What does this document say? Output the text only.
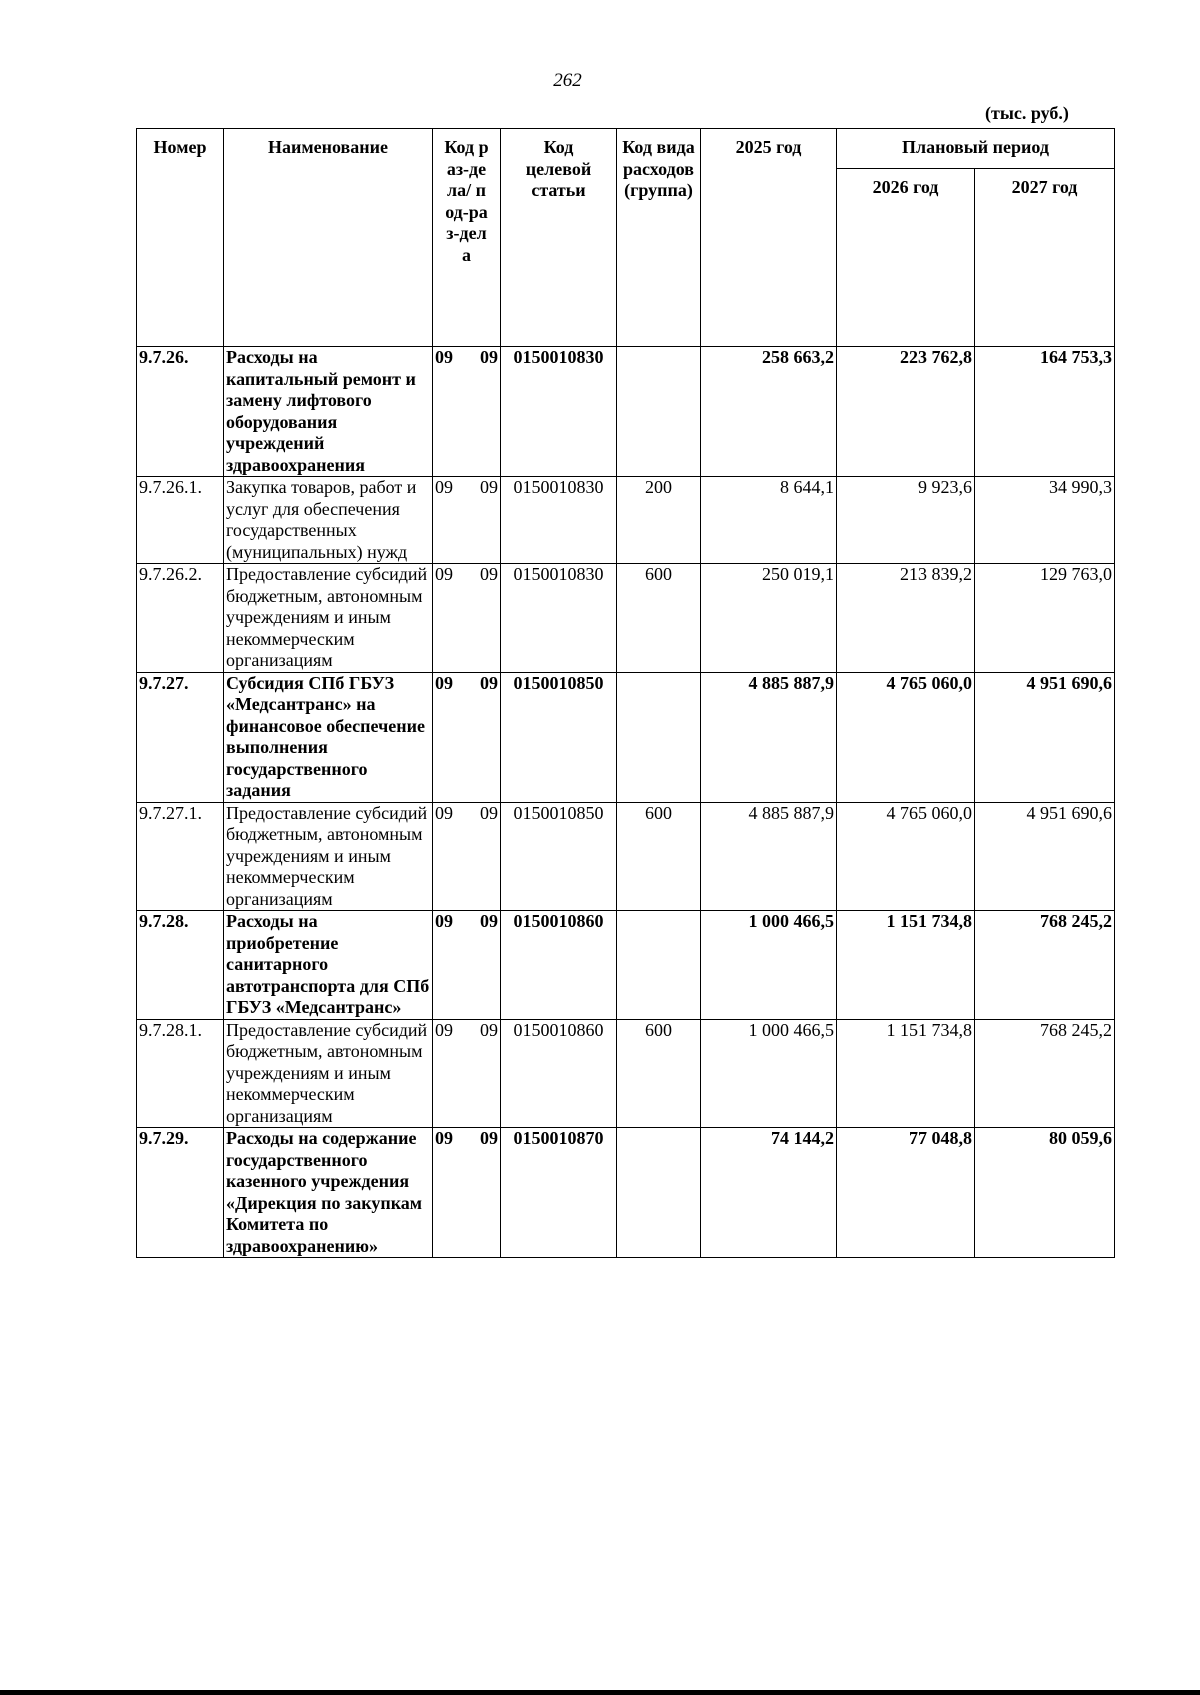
262
(тыс. руб.)
Номер	Наименование	Код раз-дела/ под-раз-дела	Код целевой статьи	Код вида расходов (группа)	2025 год	Плановый период	
						2026 год	2027 год
9.7.26.	Расходы на капитальный ремонт и замену лифтового оборудования учреждений здравоохранения	09 09	0150010830		258 663,2	223 762,8	164 753,3
9.7.26.1.	Закупка товаров, работ и услуг для обеспечения государственных (муниципальных) нужд	09 09	0150010830	200	8 644,1	9 923,6	34 990,3
9.7.26.2.	Предоставление субсидий бюджетным, автономным учреждениям и иным некоммерческим организациям	09 09	0150010830	600	250 019,1	213 839,2	129 763,0
9.7.27.	Субсидия СПб ГБУЗ «Медсантранс» на финансовое обеспечение выполнения государственного задания	09 09	0150010850		4 885 887,9	4 765 060,0	4 951 690,6
9.7.27.1.	Предоставление субсидий бюджетным, автономным учреждениям и иным некоммерческим организациям	09 09	0150010850	600	4 885 887,9	4 765 060,0	4 951 690,6
9.7.28.	Расходы на приобретение санитарного автотранспорта для СПб ГБУЗ «Медсантранс»	09 09	0150010860		1 000 466,5	1 151 734,8	768 245,2
9.7.28.1.	Предоставление субсидий бюджетным, автономным учреждениям и иным некоммерческим организациям	09 09	0150010860	600	1 000 466,5	1 151 734,8	768 245,2
9.7.29.	Расходы на содержание государственного казенного учреждения «Дирекция по закупкам Комитета по здравоохранению»	09 09	0150010870		74 144,2	77 048,8	80 059,6
